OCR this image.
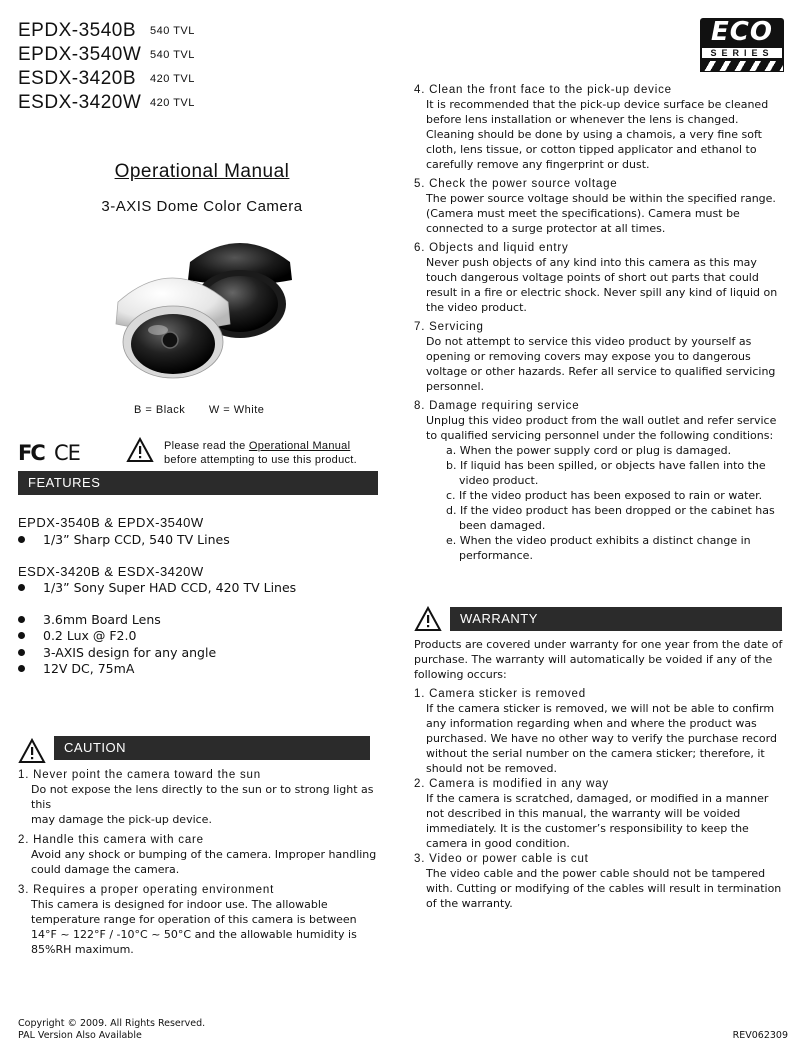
EPDX-3540B 540 TVL
EPDX-3540W 540 TVL
ESDX-3420B 420 TVL
ESDX-3420W 420 TVL
ECO
SERIES
Operational Manual
3-AXIS Dome Color Camera
B = Black W = White
FC CE	Please read the Operational Manual
before attempting to use this product.
FEATURES
EPDX-3540B & EPDX-3540W
1/3” Sharp CCD, 540 TV Lines
ESDX-3420B & ESDX-3420W
1/3” Sony Super HAD CCD, 420 TV Lines
3.6mm Board Lens
0.2 Lux @ F2.0
3-AXIS design for any angle
12V DC, 75mA
CAUTION
1. Never point the camera toward the sun
Do not expose the lens directly to the sun or to strong light as this
may damage the pick-up device.
2. Handle this camera with care
Avoid any shock or bumping of the camera. Improper handling
could damage the camera.
3. Requires a proper operating environment
This camera is designed for indoor use. The allowable
temperature range for operation of this camera is between
14°F ~ 122°F / -10°C ~ 50°C and the allowable humidity is
85%RH maximum.
4. Clean the front face to the pick-up device
It is recommended that the pick-up device surface be cleaned
before lens installation or whenever the lens is changed.
Cleaning should be done by using a chamois, a very fine soft
cloth, lens tissue, or cotton tipped applicator and ethanol to
carefully remove any fingerprint or dust.
5. Check the power source voltage
The power source voltage should be within the specified range.
(Camera must meet the specifications). Camera must be
connected to a surge protector at all times.
6. Objects and liquid entry
Never push objects of any kind into this camera as this may
touch dangerous voltage points of short out parts that could
result in a fire or electric shock. Never spill any kind of liquid on
the video product.
7. Servicing
Do not attempt to service this video product by yourself as
opening or removing covers may expose you to dangerous
voltage or other hazards. Refer all service to qualified servicing
personnel.
8. Damage requiring service
Unplug this video product from the wall outlet and refer service
to qualified servicing personnel under the following conditions:
a. When the power supply cord or plug is damaged.
b. If liquid has been spilled, or objects have fallen into the
video product.
c. If the video product has been exposed to rain or water.
d. If the video product has been dropped or the cabinet has
been damaged.
e. When the video product exhibits a distinct change in
performance.
WARRANTY
Products are covered under warranty for one year from the date of
purchase. The warranty will automatically be voided if any of the
following occurs:
1. Camera sticker is removed
If the camera sticker is removed, we will not be able to confirm
any information regarding when and where the product was
purchased. We have no other way to verify the purchase record
without the serial number on the camera sticker; therefore, it
should not be removed.
2. Camera is modified in any way
If the camera is scratched, damaged, or modified in a manner
not described in this manual, the warranty will be voided
immediately. It is the customer’s responsibility to keep the
camera in good condition.
3. Video or power cable is cut
The video cable and the power cable should not be tampered
with. Cutting or modifying of the cables will result in termination
of the warranty.
Copyright © 2009. All Rights Reserved.
PAL Version Also Available	REV062309
